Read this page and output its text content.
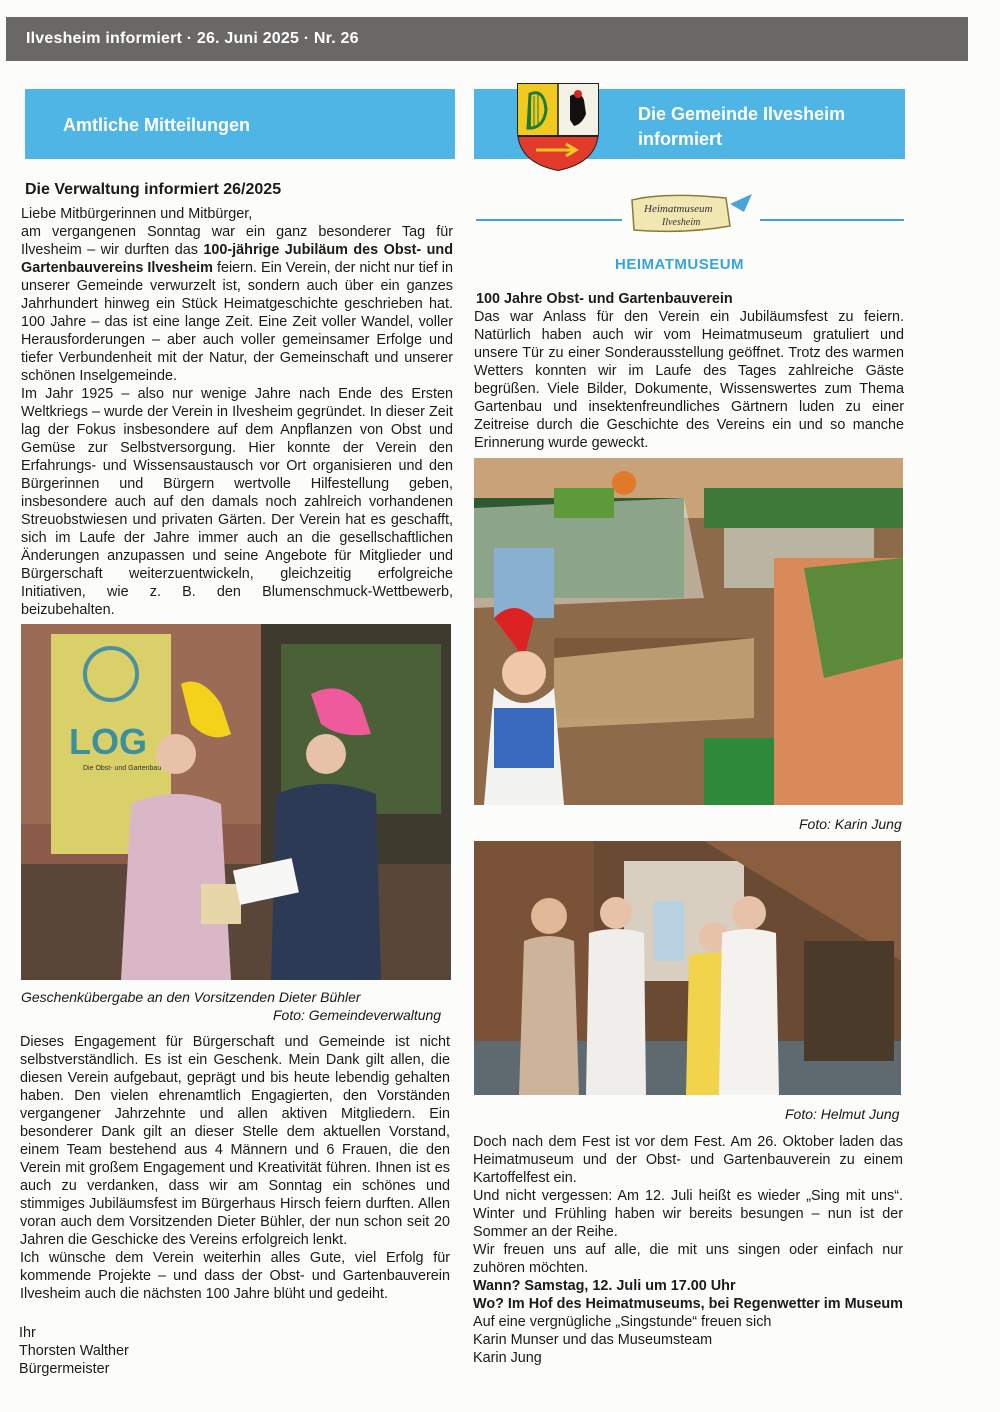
Ilvesheim informiert · 26. Juni 2025 · Nr. 26
Amtliche Mitteilungen
Die Gemeinde Ilvesheim
informiert
Die Verwaltung informiert 26/2025

Liebe Mitbürgerinnen und Mitbürger,

am vergangenen Sonntag war ein ganz besonderer Tag für Ilvesheim – wir durften das 100-jährige Jubiläum des Obst- und Gartenbauvereins Ilvesheim feiern. Ein Verein, der nicht nur tief in unserer Gemeinde verwurzelt ist, sondern auch über ein ganzes Jahrhundert hinweg ein Stück Heimatgeschichte geschrieben hat. 100 Jahre – das ist eine lange Zeit. Eine Zeit voller Wandel, voller Herausforderungen – aber auch voller gemeinsamer Erfolge und tiefer Verbundenheit mit der Natur, der Gemeinschaft und unserer schönen Inselgemeinde.

Im Jahr 1925 – also nur wenige Jahre nach Ende des Ersten Weltkriegs – wurde der Verein in Ilvesheim gegründet. In dieser Zeit lag der Fokus insbesondere auf dem Anpflanzen von Obst und Gemüse zur Selbstversorgung. Hier konnte der Verein den Erfahrungs- und Wissensaustausch vor Ort organisieren und den Bürgerinnen und Bürgern wertvolle Hilfestellung geben, insbesondere auch auf den damals noch zahlreich vorhandenen Streuobstwiesen und privaten Gärten. Der Verein hat es geschafft, sich im Laufe der Jahre immer auch an die gesellschaftlichen Änderungen anzupassen und seine Angebote für Mitglieder und Bürgerschaft weiterzuentwickeln, gleichzeitig erfolgreiche Initiativen, wie z. B. den Blumenschmuck-Wettbewerb, beizubehalten.

LOG
Die Obst- und Gartenbau
Geschenkübergabe an den Vorsitzenden Dieter Bühler
Foto: Gemeindeverwaltung

Dieses Engagement für Bürgerschaft und Gemeinde ist nicht selbstverständlich. Es ist ein Geschenk. Mein Dank gilt allen, die diesen Verein aufgebaut, geprägt und bis heute lebendig gehalten haben. Den vielen ehrenamtlich Engagierten, den Vorständen vergangener Jahrzehnte und allen aktiven Mitgliedern. Ein besonderer Dank gilt an dieser Stelle dem aktuellen Vorstand, einem Team bestehend aus 4 Männern und 6 Frauen, die den Verein mit großem Engagement und Kreativität führen. Ihnen ist es auch zu verdanken, dass wir am Sonntag ein schönes und stimmiges Jubiläumsfest im Bürgerhaus Hirsch feiern durften. Allen voran auch dem Vorsitzenden Dieter Bühler, der nun schon seit 20 Jahren die Geschicke des Vereins erfolgreich lenkt.

Ich wünsche dem Verein weiterhin alles Gute, viel Erfolg für kommende Projekte – und dass der Obst- und Gartenbauverein Ilvesheim auch die nächsten 100 Jahre blüht und gedeiht.

Ihr
Thorsten Walther
Bürgermeister
Heimatmuseum
Ilvesheim
HEIMATMUSEUM
100 Jahre Obst- und Gartenbauverein

Das war Anlass für den Verein ein Jubiläumsfest zu feiern. Natürlich haben auch wir vom Heimatmuseum gratuliert und unsere Tür zu einer Sonderausstellung geöffnet. Trotz des warmen Wetters konnten wir im Laufe des Tages zahlreiche Gäste begrüßen. Viele Bilder, Dokumente, Wissenswertes zum Thema Gartenbau und insektenfreundliches Gärtnern luden zu einer Zeitreise durch die Geschichte des Vereins ein und so manche Erinnerung wurde geweckt.

Foto: Karin Jung
Foto: Helmut Jung

Doch nach dem Fest ist vor dem Fest. Am 26. Oktober laden das Heimatmuseum und der Obst- und Gartenbauverein zu einem Kartoffelfest ein.

Und nicht vergessen: Am 12. Juli heißt es wieder „Sing mit uns“. Winter und Frühling haben wir bereits besungen – nun ist der Sommer an der Reihe.

Wir freuen uns auf alle, die mit uns singen oder einfach nur zuhören möchten.

Wann? Samstag, 12. Juli um 17.00 Uhr

Wo? Im Hof des Heimatmuseums, bei Regenwetter im Museum

Auf eine vergnügliche „Singstunde“ freuen sich

Karin Munser und das Museumsteam

Karin Jung
